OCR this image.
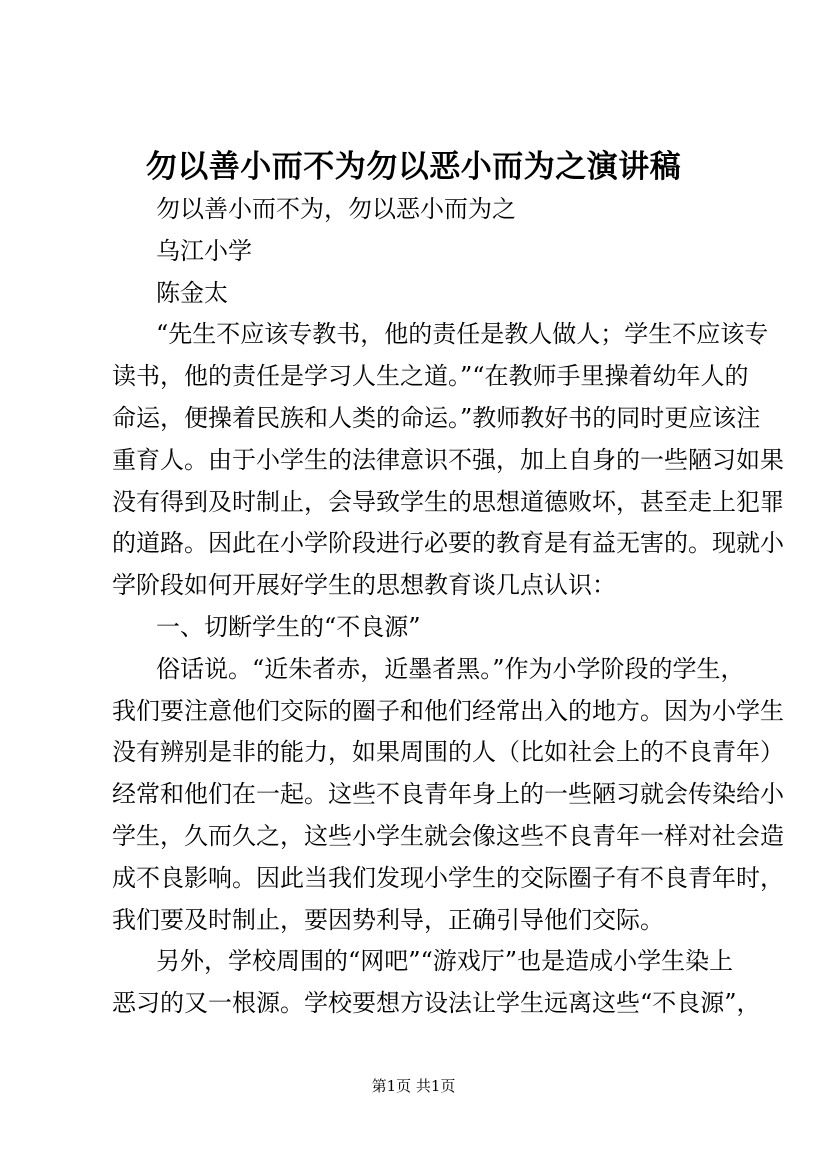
勿以善小而不为勿以恶小而为之演讲稿

勿以善小而不为，勿以恶小而为之

乌江小学

陈金太

“先生不应该专教书，他的责任是教人做人；学生不应该专

读书，他的责任是学习人生之道。”“在教师手里操着幼年人的

命运，便操着民族和人类的命运。”教师教好书的同时更应该注

重育人。由于小学生的法律意识不强，加上自身的一些陋习如果

没有得到及时制止，会导致学生的思想道德败坏，甚至走上犯罪

的道路。因此在小学阶段进行必要的教育是有益无害的。现就小

学阶段如何开展好学生的思想教育谈几点认识：

一、切断学生的“不良源”

俗话说。“近朱者赤，近墨者黑。”作为小学阶段的学生，

我们要注意他们交际的圈子和他们经常出入的地方。因为小学生

没有辨别是非的能力，如果周围的人（比如社会上的不良青年）

经常和他们在一起。这些不良青年身上的一些陋习就会传染给小

学生，久而久之，这些小学生就会像这些不良青年一样对社会造

成不良影响。因此当我们发现小学生的交际圈子有不良青年时，

我们要及时制止，要因势利导，正确引导他们交际。

另外，学校周围的“网吧”“游戏厅”也是造成小学生染上

恶习的又一根源。学校要想方设法让学生远离这些“不良源”，

第1页 共1页
